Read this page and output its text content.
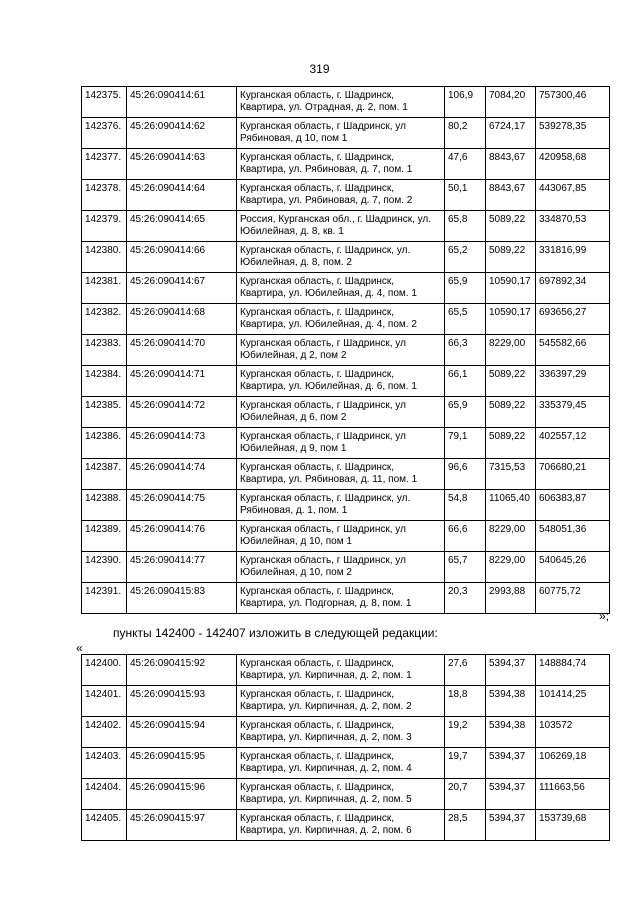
319
142375.	45:26:090414:61	Курганская область, г. Шадринск, Квартира, ул. Отрадная, д. 2, пом. 1	106,9	7084,20	757300,46
142376.	45:26:090414:62	Курганская область, г Шадринск, ул Рябиновая, д 10, пом 1	80,2	6724,17	539278,35
142377.	45:26:090414:63	Курганская область, г. Шадринск, Квартира, ул. Рябиновая, д. 7, пом. 1	47,6	8843,67	420958,68
142378.	45:26:090414:64	Курганская область, г. Шадринск, Квартира, ул. Рябиновая, д. 7, пом. 2	50,1	8843,67	443067,85
142379.	45:26:090414:65	Россия, Курганская обл., г. Шадринск, ул. Юбилейная, д. 8, кв. 1	65,8	5089,22	334870,53
142380.	45:26:090414:66	Курганская область, г. Шадринск, ул. Юбилейная, д. 8, пом. 2	65,2	5089,22	331816,99
142381.	45:26:090414:67	Курганская область, г. Шадринск, Квартира, ул. Юбилейная, д. 4, пом. 1	65,9	10590,17	697892,34
142382.	45:26:090414:68	Курганская область, г. Шадринск, Квартира, ул. Юбилейная, д. 4, пом. 2	65,5	10590,17	693656,27
142383.	45:26:090414:70	Курганская область, г Шадринск, ул Юбилейная, д 2, пом 2	66,3	8229,00	545582,66
142384.	45:26:090414:71	Курганская область, г. Шадринск, Квартира, ул. Юбилейная, д. 6, пом. 1	66,1	5089,22	336397,29
142385.	45:26:090414:72	Курганская область, г Шадринск, ул Юбилейная, д 6, пом 2	65,9	5089,22	335379,45
142386.	45:26:090414:73	Курганская область, г Шадринск, ул Юбилейная, д 9, пом 1	79,1	5089,22	402557,12
142387.	45:26:090414:74	Курганская область, г. Шадринск, Квартира, ул. Рябиновая, д. 11, пом. 1	96,6	7315,53	706680,21
142388.	45:26:090414:75	Курганская область, г. Шадринск, ул. Рябиновая, д. 1, пом. 1	54,8	11065,40	606383,87
142389.	45:26:090414:76	Курганская область, г Шадринск, ул Юбилейная, д 10, пом 1	66,6	8229,00	548051,36
142390.	45:26:090414:77	Курганская область, г Шадринск, ул Юбилейная, д 10, пом 2	65,7	8229,00	540645,26
142391.	45:26:090415:83	Курганская область, г. Шадринск, Квартира, ул. Подгорная, д. 8, пом. 1	20,3	2993,88	60775,72
»;
пункты 142400 - 142407 изложить в следующей редакции:
«
142400.	45:26:090415:92	Курганская область, г. Шадринск, Квартира, ул. Кирпичная, д. 2, пом. 1	27,6	5394,37	148884,74
142401.	45:26:090415:93	Курганская область, г. Шадринск, Квартира, ул. Кирпичная, д. 2, пом. 2	18,8	5394,38	101414,25
142402.	45:26:090415:94	Курганская область, г. Шадринск, Квартира, ул. Кирпичная, д. 2, пом. 3	19,2	5394,38	103572
142403.	45:26:090415:95	Курганская область, г. Шадринск, Квартира, ул. Кирпичная, д. 2, пом. 4	19,7	5394,37	106269,18
142404.	45:26:090415:96	Курганская область, г. Шадринск, Квартира, ул. Кирпичная, д. 2, пом. 5	20,7	5394,37	111663,56
142405.	45:26:090415:97	Курганская область, г. Шадринск, Квартира, ул. Кирпичная, д. 2, пом. 6	28,5	5394,37	153739,68
